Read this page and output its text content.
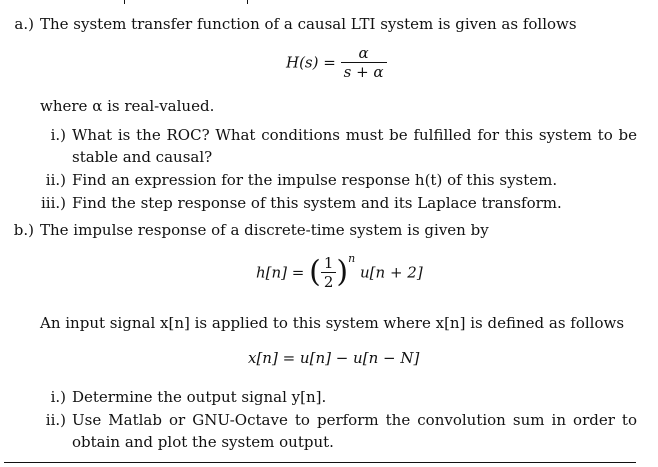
a.) The system transfer function of a causal LTI system is given as follows
$H(s) = \frac{\alpha}{s + \alpha}$
where α is real-valued.
i.) What is the ROC? What conditions must be fulfilled for this system to be
stable and causal?
ii.) Find an expression for the impulse response h(t) of this system.
iii.) Find the step response of this system and its Laplace transform.
b.) The impulse response of a discrete-time system is given by
h[n] = ( $\frac{1}{2} )^n$ u[n + 2]
An input signal x[n] is applied to this system where x[n] is defined as follows
x[n] = u[n] − u[n − N]
i.) Determine the output signal y[n].
ii.) Use Matlab or GNU-Octave to perform the convolution sum in order to
obtain and plot the system output.
